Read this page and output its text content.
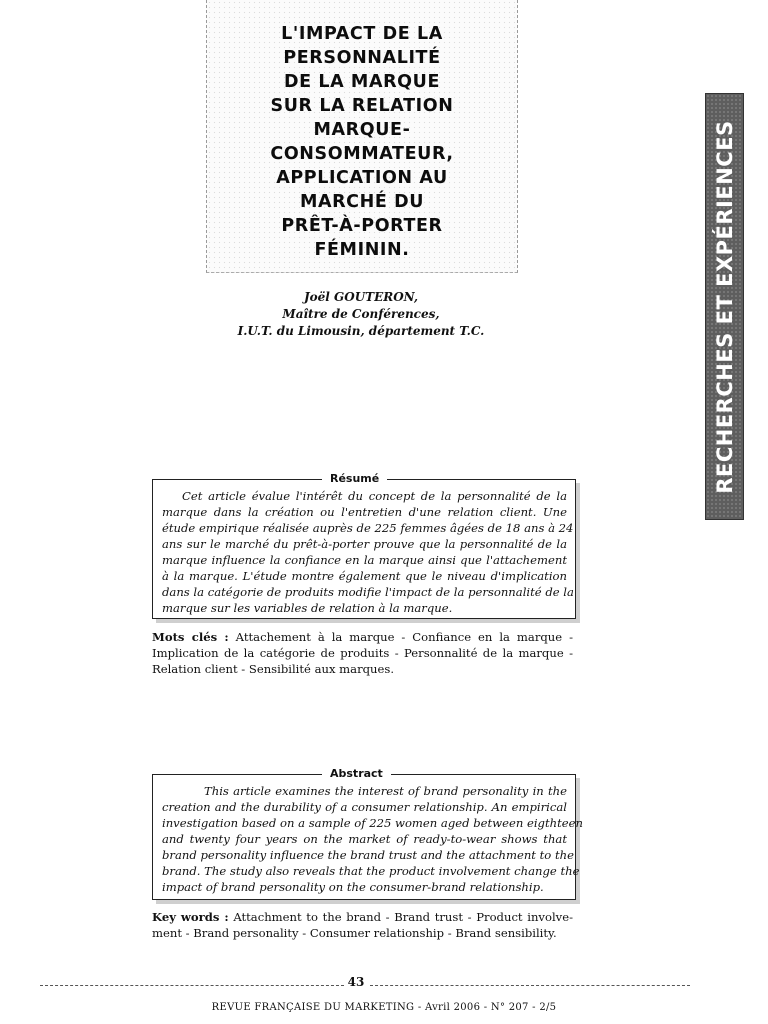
L'IMPACT DE LA
PERSONNALITÉ
DE LA MARQUE
SUR LA RELATION
MARQUE-
CONSOMMATEUR,
APPLICATION AU
MARCHÉ DU
PRÊT-À-PORTER
FÉMININ.
Joël GOUTERON,
Maître de Conférences,
I.U.T. du Limousin, département T.C.	RECHERCHES ET EXPÉRIENCES
Résumé
Cet article évalue l'intérêt du concept de la personnalité de la
marque dans la création ou l'entretien d'une relation client. Une
étude empirique réalisée auprès de 225 femmes âgées de 18 ans à 24
ans sur le marché du prêt-à-porter prouve que la personnalité de la
marque influence la confiance en la marque ainsi que l'attachement
à la marque. L'étude montre également que le niveau d'implication
dans la catégorie de produits modifie l'impact de la personnalité de la
marque sur les variables de relation à la marque.
Mots clés : Attachement à la marque - Confiance en la marque -
Implication de la catégorie de produits - Personnalité de la marque -
Relation client - Sensibilité aux marques.
Abstract
This article examines the interest of brand personality in the
creation and the durability of a consumer relationship. An empirical
investigation based on a sample of 225 women aged between eigthteen
and twenty four years on the market of ready-to-wear shows that
brand personality influence the brand trust and the attachment to the
brand. The study also reveals that the product involvement change the
impact of brand personality on the consumer-brand relationship.
Key words : Attachment to the brand - Brand trust - Product involve-
ment - Brand personality - Consumer relationship - Brand sensibility.
43
REVUE FRANÇAISE DU MARKETING - Avril 2006 - N° 207 - 2/5
